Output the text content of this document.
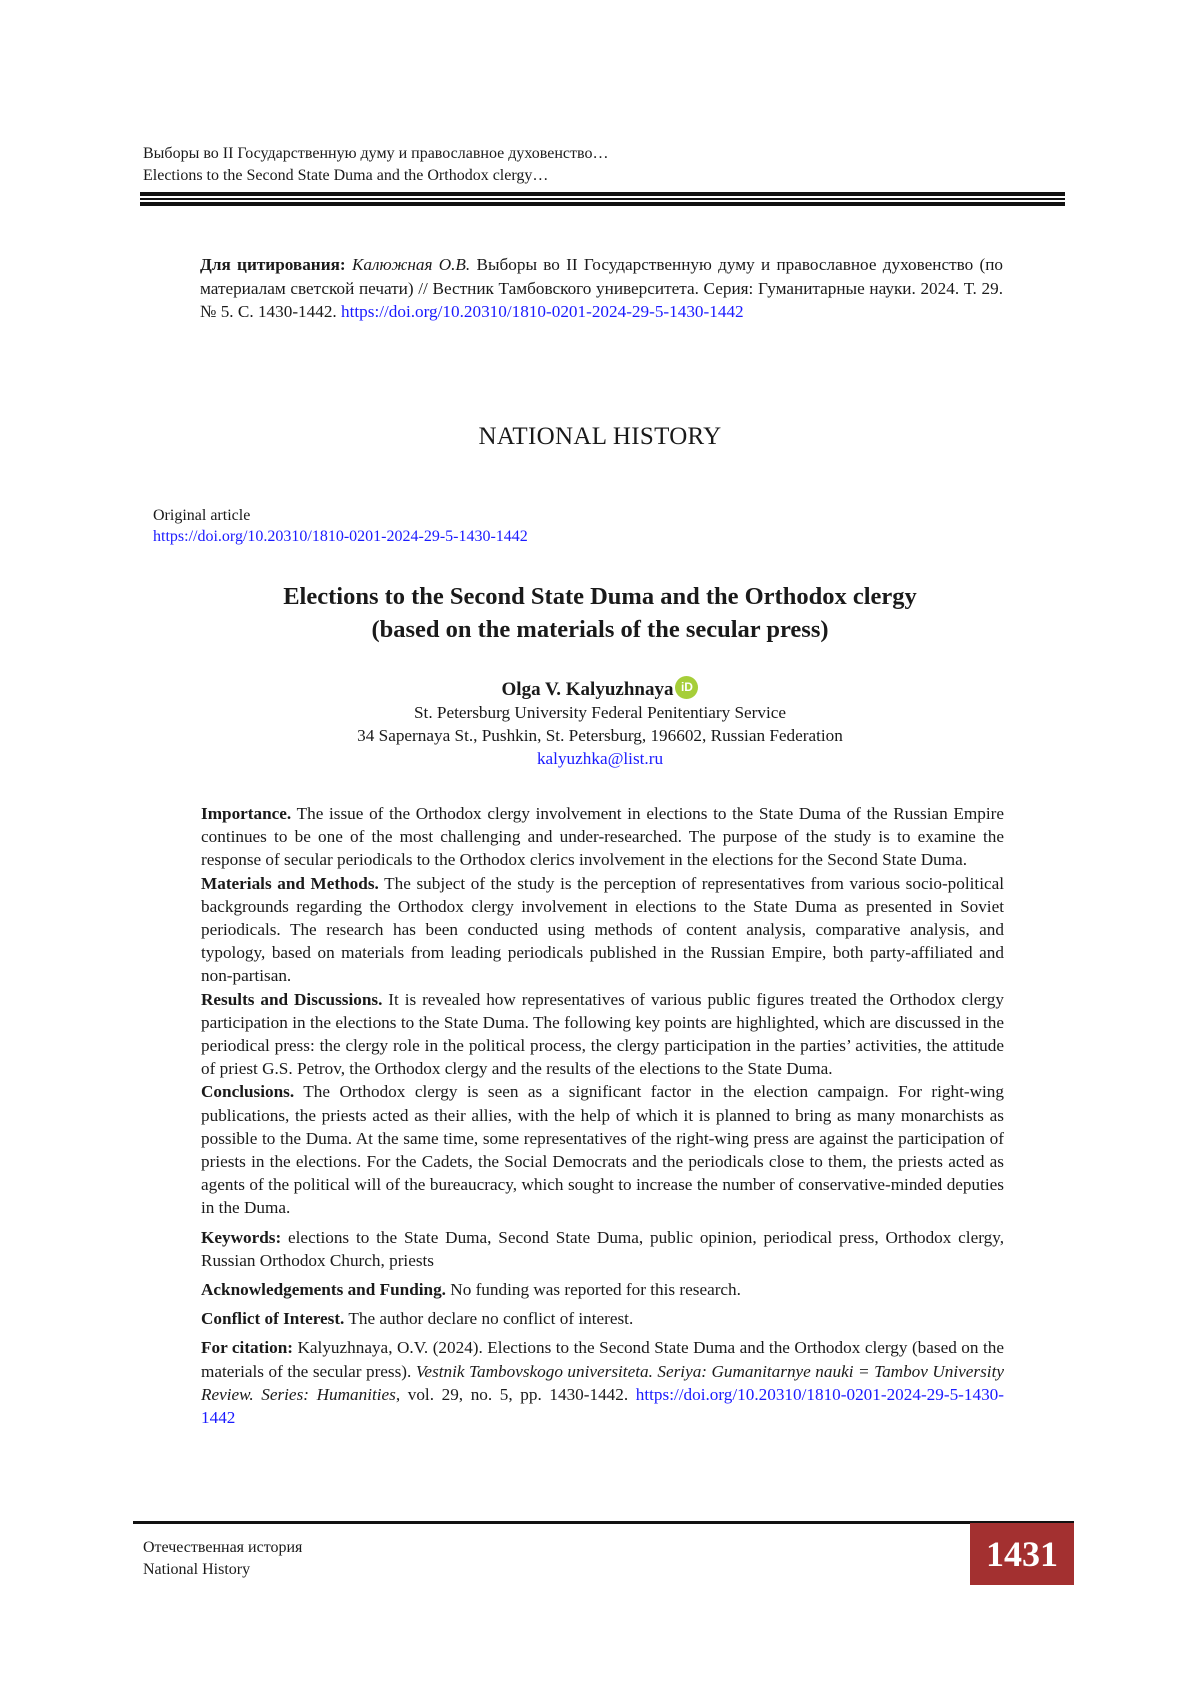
Выборы во II Государственную думу и православное духовенство…
Elections to the Second State Duma and the Orthodox clergy…
Для цитирования: Калюжная О.В. Выборы во II Государственную думу и православное духовенство (по материалам светской печати) // Вестник Тамбовского университета. Серия: Гуманитарные науки. 2024. Т. 29. № 5. С. 1430-1442. https://doi.org/10.20310/1810-0201-2024-29-5-1430-1442
NATIONAL HISTORY
Original article
https://doi.org/10.20310/1810-0201-2024-29-5-1430-1442
Elections to the Second State Duma and the Orthodox clergy
(based on the materials of the secular press)
Olga V. Kalyuzhnaya iD
St. Petersburg University Federal Penitentiary Service
34 Sapernaya St., Pushkin, St. Petersburg, 196602, Russian Federation
kalyuzhka@list.ru

Importance. The issue of the Orthodox clergy involvement in elections to the State Duma of the Russian Empire continues to be one of the most challenging and under-researched. The purpose of the study is to examine the response of secular periodicals to the Orthodox clerics involvement in the elections for the Second State Duma.

Materials and Methods. The subject of the study is the perception of representatives from various socio-political backgrounds regarding the Orthodox clergy involvement in elections to the State Duma as presented in Soviet periodicals. The research has been conducted using methods of content analysis, comparative analysis, and typology, based on materials from leading periodicals published in the Russian Empire, both party-affiliated and non-partisan.

Results and Discussions. It is revealed how representatives of various public figures treated the Orthodox clergy participation in the elections to the State Duma. The following key points are highlighted, which are discussed in the periodical press: the clergy role in the political process, the clergy participation in the parties’ activities, the attitude of priest G.S. Petrov, the Orthodox clergy and the results of the elections to the State Duma.

Conclusions. The Orthodox clergy is seen as a significant factor in the election campaign. For right-wing publications, the priests acted as their allies, with the help of which it is planned to bring as many monarchists as possible to the Duma. At the same time, some representatives of the right-wing press are against the participation of priests in the elections. For the Cadets, the Social Democrats and the periodicals close to them, the priests acted as agents of the political will of the bureaucracy, which sought to increase the number of conservative-minded deputies in the Duma.

Keywords: elections to the State Duma, Second State Duma, public opinion, periodical press, Orthodox clergy, Russian Orthodox Church, priests

Acknowledgements and Funding. No funding was reported for this research.

Conflict of Interest. The author declare no conflict of interest.

For citation: Kalyuzhnaya, O.V. (2024). Elections to the Second State Duma and the Orthodox clergy (based on the materials of the secular press). Vestnik Tambovskogo universiteta. Seriya: Gumanitarnye nauki = Tambov University Review. Series: Humanities, vol. 29, no. 5, pp. 1430-1442. https://doi.org/10.20310/1810-0201-2024-29-5-1430-1442

Отечественная история
National History	1431
